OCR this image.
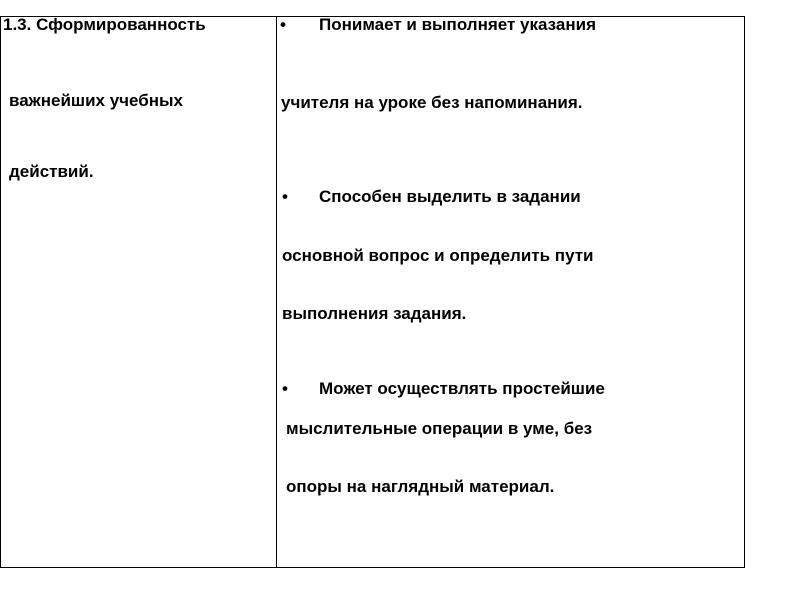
1.3. Сформированность
важнейших учебных
действий.
• Понимает и выполняет указания
учителя на уроке без напоминания.
• Способен выделить в задании
основной вопрос и определить пути
выполнения задания.
• Может осуществлять простейшие
мыслительные операции в уме, без
опоры на наглядный материал.
